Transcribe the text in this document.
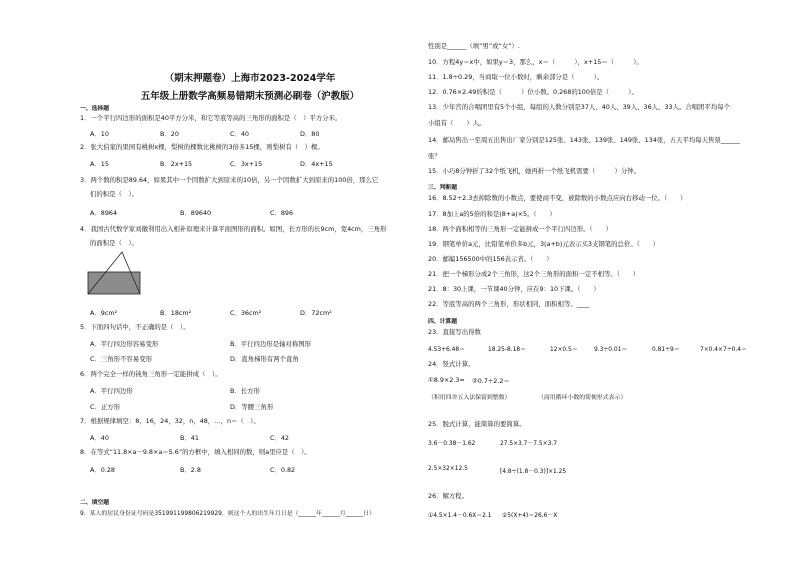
（期末押题卷）上海市2023-2024学年
五年级上册数学高频易错期末预测必刷卷（沪教版）
一、选择题
1．一个平行四边形的面积是40平方分米，和它等底等高的三角形的面积是（　）平方分米。
A．10	B．20	C．40	D．80
2．张大伯家的果园有桃树x棵，梨树的棵数比桃树的3倍多15棵，则梨树有（　）棵。
A．15	B．2x+15	C．3x+15	D．4x+15
3．两个数的积是89.64，如果其中一个因数扩大到原来的10倍，另一个因数扩大到原来的100倍，那么它
们的积是（　）。
A．8964	B．89640	C．896
4．我国古代数学家刘徽利用出入相补原理来计算平面图形的面积。如图，长方形的长9cm，宽4cm，三角形
的面积是（　）。
A．9cm²	B．18cm²	C．36cm²	D．72cm²
5．下面四句话中，不正确的是（　）。
A．平行四边形容易变形	B．平行四边形是轴对称图形
C．三角形不容易变形	D．直角梯形有两个直角
6．两个完全一样的钝角三角形一定能拼成（　）。
A．平行四边形	B．长方形
C．正方形	D．等腰三角形
7．根据规律填空：8，16，24，32，n，48，…，n＝（　）。
A．40	B．41	C．42
8．在等式“11.8×a－9.8×a＝5.6”的方框中，填入相同的数，则a里应是（　）。
A．0.28	B．2.8	C．0.82
二、填空题
9．某人的居民身份证号码是351991199806219929，则这个人的出生年月日是（______年______月______日）
性别是______（填“男”或“女”）.
10．方程4y＝x中，如果y＝3，那么，x＝（　　　），x+15＝（　　　）。
11．1.8÷0.29，当商取一位小数时，剩余部分是（　　　）。
12．0.76×2.49的积是（　　　）位小数。0.268的100倍是（　　　）。
13．少年宫的合唱团里有5个小组，每组的人数分别是37人、40人、39人、36人、33人。合唱团平均每个
小组有（　　）人。
14．邮局售出一至周五出售出厂家分别是125张、143张、139张、149张、134张，五天平均每天售票______
张？
15．小巧8分钟折了32个纸飞机，她再折一个纸飞机需要（　　　）分钟。
三、判断题
16．8.52÷2.3去掉除数的小数点，要使商不变，被除数的小数点应向右移动一位。（　　）
17．8加上a的5倍的和是(8+a)×5。（　　）
18．两个面积相等的三角形一定能拼成一个平行四边形。（　　）
19．钢笔单价a元，比铅笔单价多b元，3(a+b)元表示买3支钢笔的总价。（　　）
20．邮编156500中的156表示省。（　　）
21．把一个梯形分成2个三角形，这2个三角形的面积一定不相等。（　　）
21．8：30上课，一节课40分钟，应在9：10下课。（　　）
22．等底等高的两个三角形，形状相同，面积相等。____
四、计算题
23．直接写出得数
4.53+6.48＝	18.25-8.18＝	12×0.5＝	9.3÷0.01＝	0.81÷9＝	7×0.4×7÷0.4＝
24．竖式计算。
①8.9×2.3≈ ②0.7÷2.2＝
（积用四舍五入法保留到整数）	（商用循环小数的简便形式表示）
25．脱式计算，能简算的要简算。
3.6－0.38－1.62	27.5×3.7－7.5×3.7
2.5×32×12.5	[4.8÷(1.8－0.3)]×1.25
26．解方程。
①4.5×1.4－0.6X＝2.1 ②5(X+4)＝26.6－X
